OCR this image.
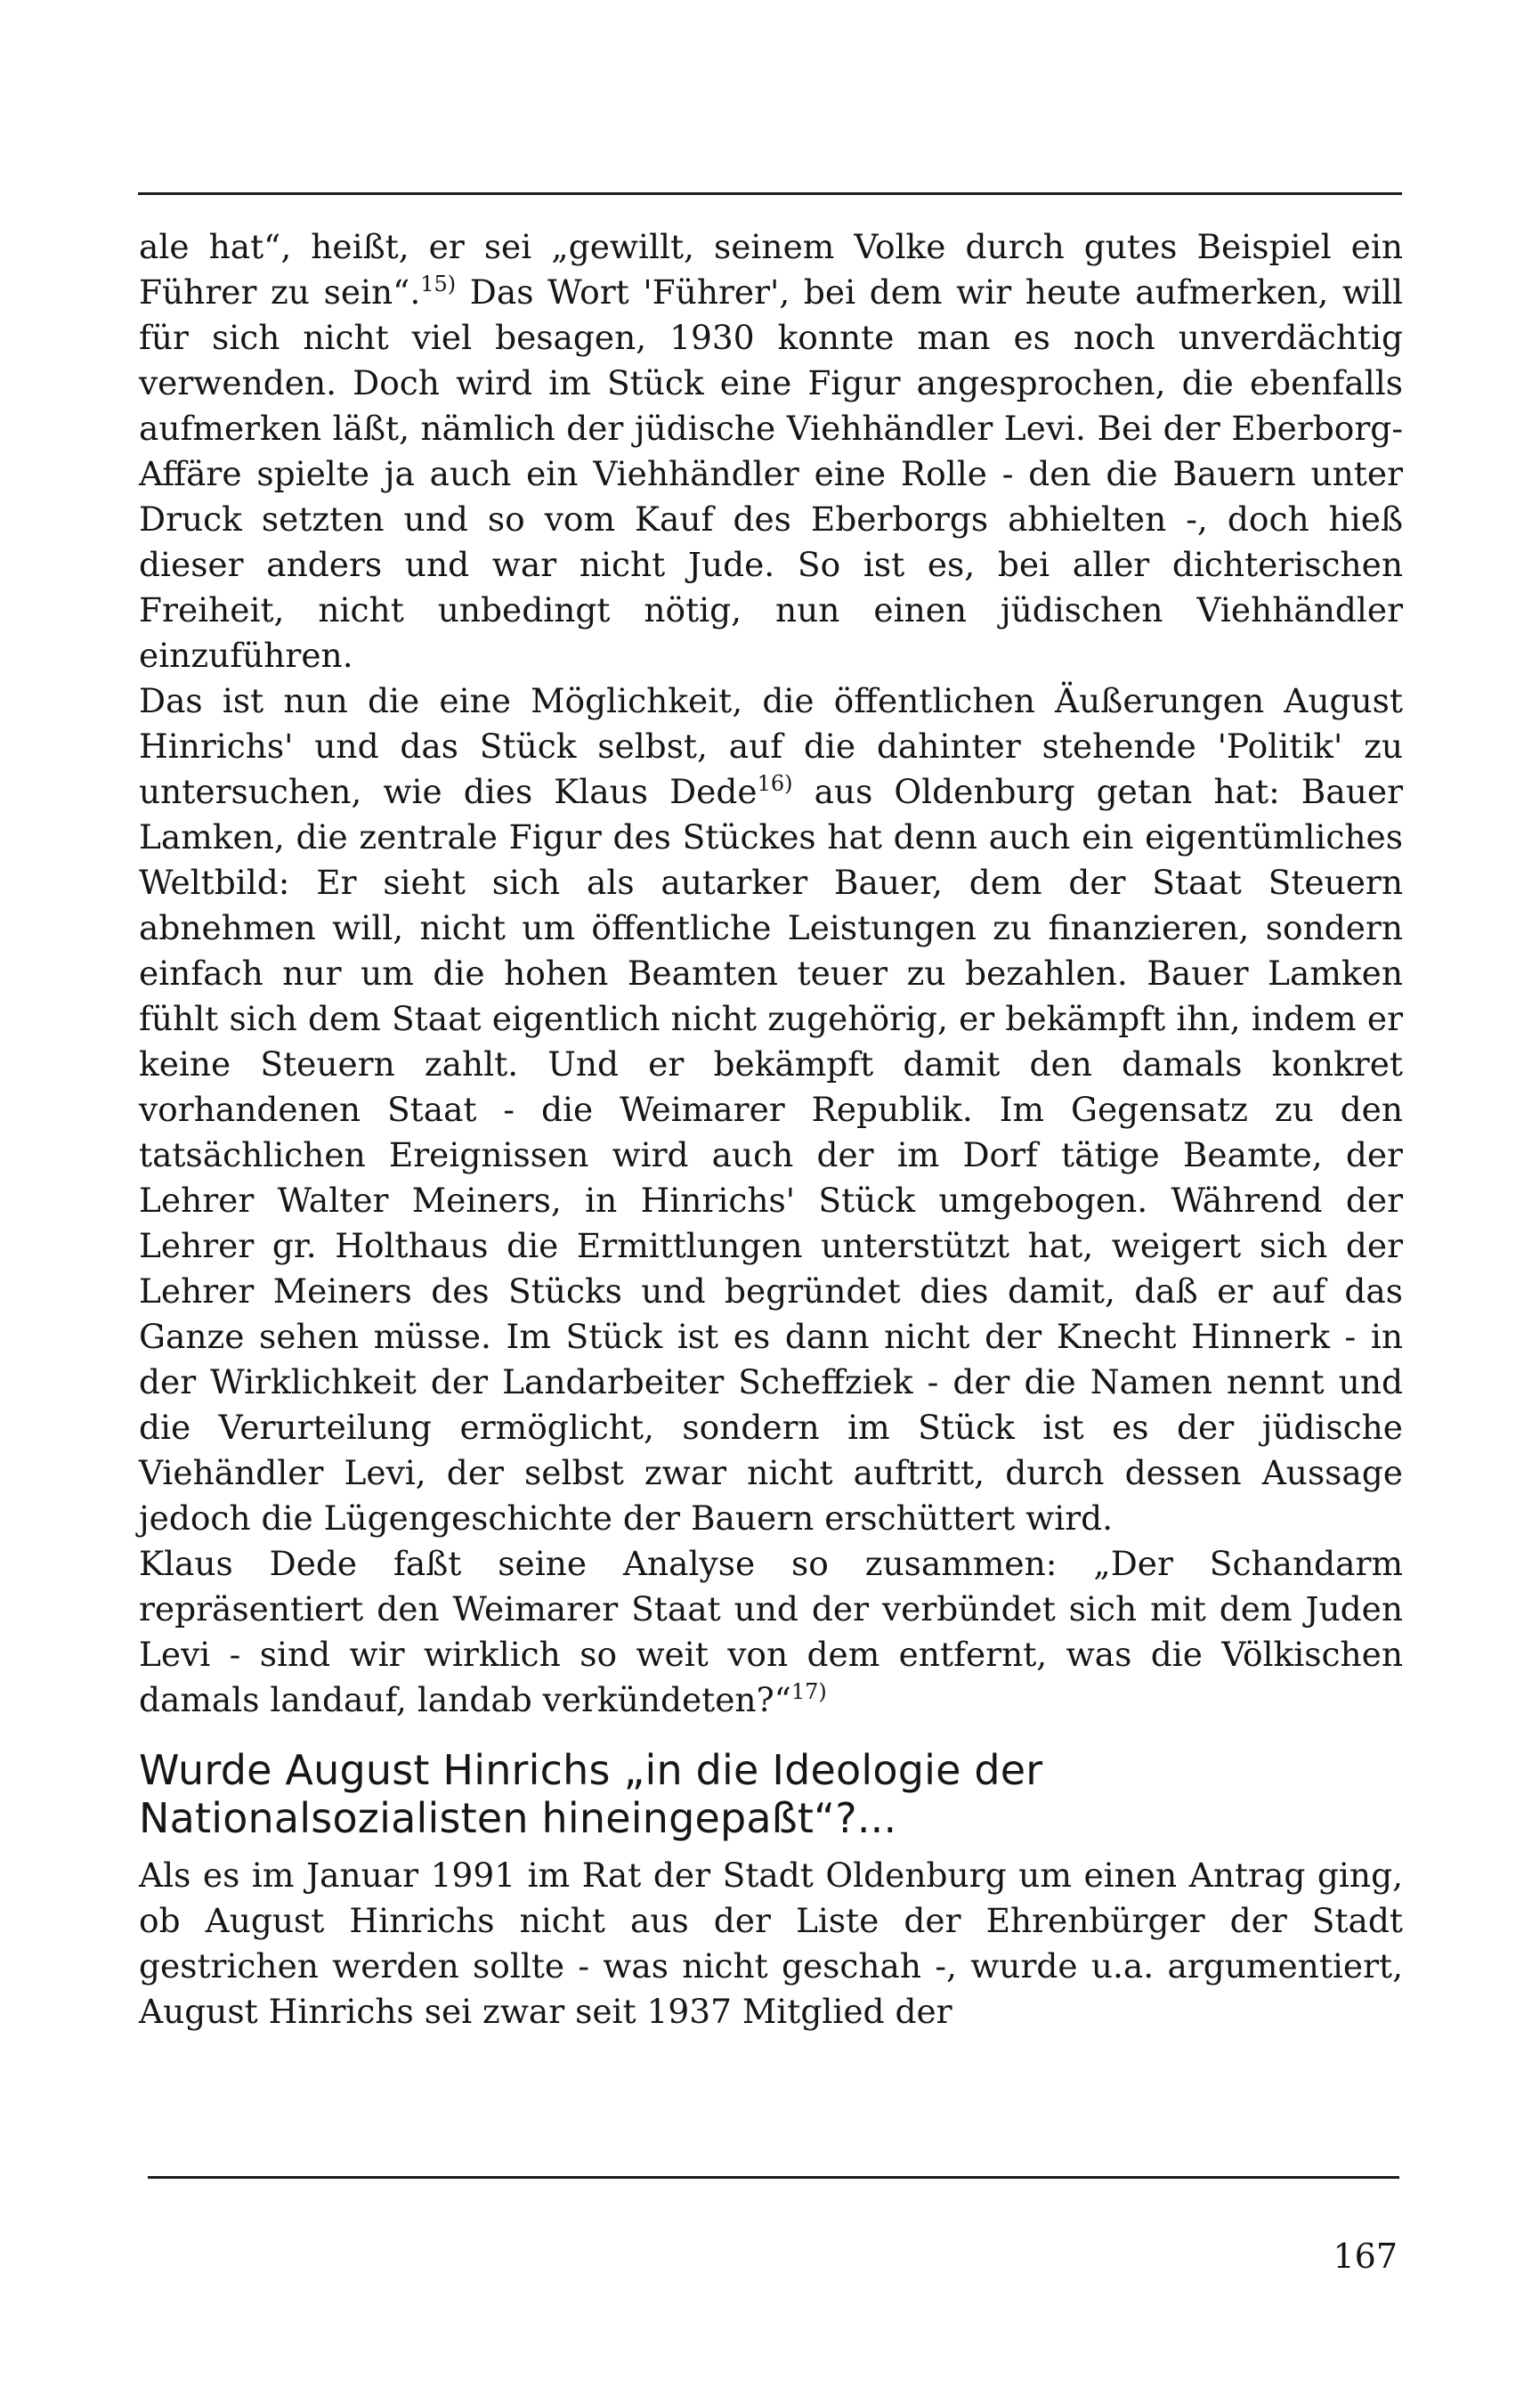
ale hat“, heißt, er sei „gewillt, seinem Volke durch gutes Beispiel ein Führer zu sein“.$^{15)}$ Das Wort 'Führer', bei dem wir heute aufmerken, will für sich nicht viel besagen, 1930 konnte man es noch unverdächtig verwenden. Doch wird im Stück eine Figur angesprochen, die ebenfalls aufmerken läßt, nämlich der jüdische Viehhändler Levi. Bei der Eberborg-Affäre spielte ja auch ein Viehhändler eine Rolle - den die Bauern unter Druck setzten und so vom Kauf des Eberborgs abhielten -, doch hieß dieser anders und war nicht Jude. So ist es, bei aller dichterischen Freiheit, nicht unbedingt nötig, nun einen jüdischen Viehhändler einzuführen.

Das ist nun die eine Möglichkeit, die öffentlichen Äußerungen August Hinrichs' und das Stück selbst, auf die dahinter stehende 'Politik' zu untersuchen, wie dies Klaus Dede$^{16)}$ aus Oldenburg getan hat: Bauer Lamken, die zentrale Figur des Stückes hat denn auch ein eigentümliches Weltbild: Er sieht sich als autarker Bauer, dem der Staat Steuern abnehmen will, nicht um öffentliche Leistungen zu finanzieren, sondern einfach nur um die hohen Beamten teuer zu bezahlen. Bauer Lamken fühlt sich dem Staat eigentlich nicht zugehörig, er bekämpft ihn, indem er keine Steuern zahlt. Und er bekämpft damit den damals konkret vorhandenen Staat - die Weimarer Republik. Im Gegensatz zu den tatsächlichen Ereignissen wird auch der im Dorf tätige Beamte, der Lehrer Walter Meiners, in Hinrichs' Stück umgebogen. Während der Lehrer gr. Holthaus die Ermittlungen unterstützt hat, weigert sich der Lehrer Meiners des Stücks und begründet dies damit, daß er auf das Ganze sehen müsse. Im Stück ist es dann nicht der Knecht Hinnerk - in der Wirklichkeit der Landarbeiter Scheffziek - der die Namen nennt und die Verurteilung ermöglicht, sondern im Stück ist es der jüdische Viehändler Levi, der selbst zwar nicht auftritt, durch dessen Aussage jedoch die Lügengeschichte der Bauern erschüttert wird.

Klaus Dede faßt seine Analyse so zusammen: „Der Schandarm repräsentiert den Weimarer Staat und der verbündet sich mit dem Juden Levi - sind wir wirklich so weit von dem entfernt, was die Völkischen damals landauf, landab verkündeten?“$^{17)}$

Wurde August Hinrichs „in die Ideologie der Nationalsozialisten hineingepaßt“?...

Als es im Januar 1991 im Rat der Stadt Oldenburg um einen Antrag ging, ob August Hinrichs nicht aus der Liste der Ehrenbürger der Stadt gestrichen werden sollte - was nicht geschah -, wurde u.a. argumentiert, August Hinrichs sei zwar seit 1937 Mitglied der

167
